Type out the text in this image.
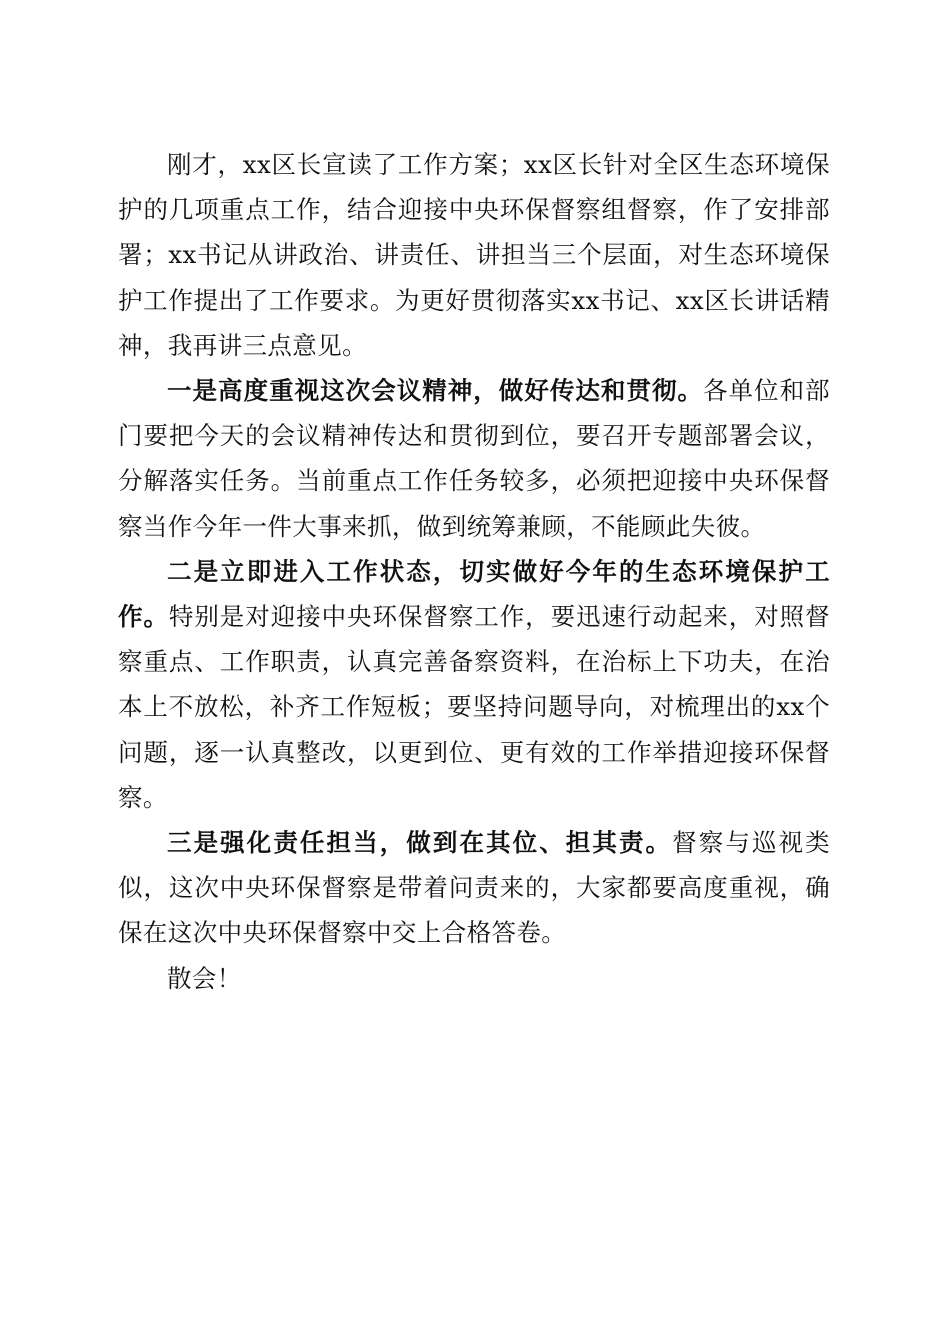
刚才，xx区长宣读了工作方案；xx区长针对全区生态环境保护的几项重点工作，结合迎接中央环保督察组督察，作了安排部署；xx书记从讲政治、讲责任、讲担当三个层面，对生态环境保护工作提出了工作要求。为更好贯彻落实xx书记、xx区长讲话精神，我再讲三点意见。

一是高度重视这次会议精神，做好传达和贯彻。各单位和部门要把今天的会议精神传达和贯彻到位，要召开专题部署会议，分解落实任务。当前重点工作任务较多，必须把迎接中央环保督察当作今年一件大事来抓，做到统筹兼顾，不能顾此失彼。

二是立即进入工作状态，切实做好今年的生态环境保护工作。特别是对迎接中央环保督察工作，要迅速行动起来，对照督察重点、工作职责，认真完善备察资料，在治标上下功夫，在治本上不放松，补齐工作短板；要坚持问题导向，对梳理出的xx个问题，逐一认真整改，以更到位、更有效的工作举措迎接环保督察。

三是强化责任担当，做到在其位、担其责。督察与巡视类似，这次中央环保督察是带着问责来的，大家都要高度重视，确保在这次中央环保督察中交上合格答卷。

散会！
